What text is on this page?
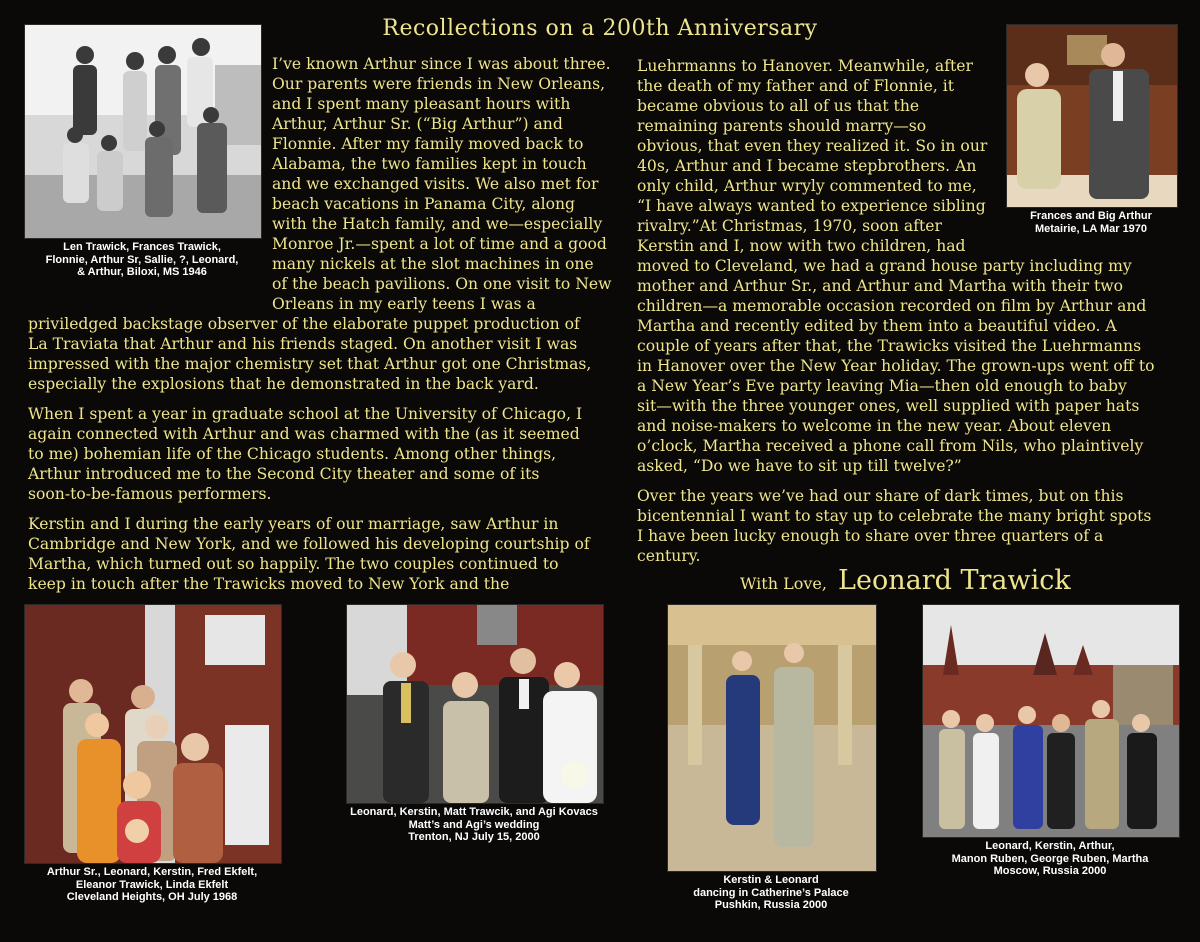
Recollections on a 200th Anniversary
Len Trawick, Frances Trawick,
Flonnie, Arthur Sr, Sallie, ?, Leonard,
& Arthur, Biloxi, MS 1946
Frances and Big Arthur
Metairie, LA Mar 1970
I’ve known Arthur since I was about three.
Our parents were friends in New Orleans,
and I spent many pleasant hours with
Arthur, Arthur Sr. (“Big Arthur”) and
Flonnie. After my family moved back to
Alabama, the two families kept in touch
and we exchanged visits. We also met for
beach vacations in Panama City, along
with the Hatch family, and we—especially
Monroe Jr.—spent a lot of time and a good
many nickels at the slot machines in one
of the beach pavilions. On one visit to New
Orleans in my early teens I was a

priviledged backstage observer of the elaborate puppet production of
La Traviata that Arthur and his friends staged. On another visit I was
impressed with the major chemistry set that Arthur got one Christmas,
especially the explosions that he demonstrated in the back yard.

When I spent a year in graduate school at the University of Chicago, I
again connected with Arthur and was charmed with the (as it seemed
to me) bohemian life of the Chicago students. Among other things,
Arthur introduced me to the Second City theater and some of its
soon-to-be-famous performers.

Kerstin and I during the early years of our marriage, saw Arthur in
Cambridge and New York, and we followed his developing courtship of
Martha, which turned out so happily. The two couples continued to
keep in touch after the Trawicks moved to New York and the

Luehrmanns to Hanover. Meanwhile, after
the death of my father and of Flonnie, it
became obvious to all of us that the
remaining parents should marry—so
obvious, that even they realized it. So in our
40s, Arthur and I became stepbrothers. An
only child, Arthur wryly commented to me,
“I have always wanted to experience sibling
rivalry.”At Christmas, 1970, soon after
Kerstin and I, now with two children, had

moved to Cleveland, we had a grand house party including my
mother and Arthur Sr., and Arthur and Martha with their two
children—a memorable occasion recorded on film by Arthur and
Martha and recently edited by them into a beautiful video. A
couple of years after that, the Trawicks visited the Luehrmanns
in Hanover over the New Year holiday. The grown-ups went off to
a New Year’s Eve party leaving Mia—then old enough to baby
sit—with the three younger ones, well supplied with paper hats
and noise-makers to welcome in the new year. About eleven
o’clock, Martha received a phone call from Nils, who plaintively
asked, “Do we have to sit up till twelve?”

Over the years we’ve had our share of dark times, but on this
bicentennial I want to stay up to celebrate the many bright spots
I have been lucky enough to share over three quarters of a
century.

With Love, Leonard Trawick
Arthur Sr., Leonard, Kerstin, Fred Ekfelt,
Eleanor Trawick, Linda Ekfelt
Cleveland Heights, OH July 1968
Leonard, Kerstin, Matt Trawcik, and Agi Kovacs
Matt’s and Agi’s wedding
Trenton, NJ July 15, 2000
Kerstin & Leonard
dancing in Catherine’s Palace
Pushkin, Russia 2000
Leonard, Kerstin, Arthur,
Manon Ruben, George Ruben, Martha
Moscow, Russia 2000
